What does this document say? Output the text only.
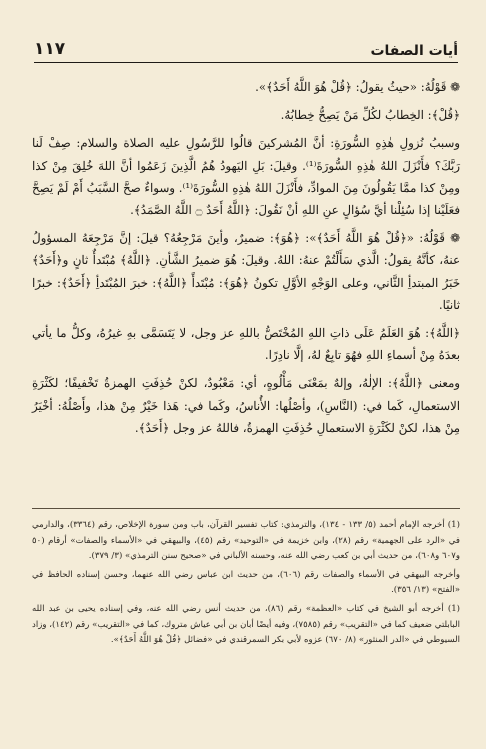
١١٧	أيات الصفات

❁ قَوْلُهُ: «حيثُ يقولُ: ﴿قُلْ هُوَ اللَّهُ أَحَدٌ﴾».

﴿قُلْ﴾: الخِطابُ لكُلِّ مَنْ يَصِحُّ خِطابُهُ.

وسببُ نُزولِ هٰذِهِ السُّورَةِ: أنَّ المُشركينَ قالُوا للرَّسُولِ عليه الصلاة والسلام: صِفْ لَنا رَبَّكَ؟ فأَنْزَلَ اللهُ هٰذِهِ السُّورَةَ⁽¹⁾. وقيلَ: بَلِ اليَهودُ هُمُ الَّذِينَ زَعَمُوا أنَّ اللهَ خُلِقَ مِنْ كذا ومِنْ كذا ممَّا يَقُولُونَ مِنَ الموادِّ، فأَنْزَلَ اللهُ هٰذِهِ السُّورَةَ⁽¹⁾. وسواءٌ صحَّ السَّبَبُ أَمْ لَمْ يَصِحَّ فعَلَيْنا إذا سُئِلْنا أيَّ سُؤالٍ عنِ اللهِ أنْ نَقُولَ: ﴿اللَّهُ أَحَدٌ ۝ اللَّهُ الصَّمَدُ﴾.

❁ قَوْلُهُ: «﴿قُلْ هُوَ اللَّهُ أَحَدٌ﴾»: ﴿هُوَ﴾: ضميرٌ، وأينَ مَرْجِعُهُ؟ قيلَ: إنَّ مَرْجِعَهُ المسؤولُ عنهُ، كأنَّهُ يقولُ: الَّذي سَأَلْتُمْ عنهُ: اللهُ. وقيلَ: هُوَ ضميرُ الشَّأنِ. ﴿اللَّهُ﴾ مُبْتَدأٌ ثانٍ و﴿أَحَدٌ﴾ خَبَرُ المبتدأِ الثَّاني، وعلى الوَجْهِ الأوَّلِ تكونُ ﴿هُوَ﴾: مُبْتَدأً ﴿اللَّهُ﴾: خبرَ المُبْتَدأِ ﴿أَحَدٌ﴾: خبرًا ثانيًا.

﴿اللَّهُ﴾: هُوَ العَلَمُ عَلَى ذاتِ اللهِ المُخْتَصُّ باللهِ عز وجل، لا يَتَسَمَّى بهِ غيرُهُ، وكلُّ ما يأتي بعدَهُ مِنْ أسماءِ اللهِ فهُوَ تابِعٌ لهُ، إلَّا نادِرًا.

ومعنى ﴿اللَّهُ﴾: الإلٰهُ، وإلهٌ بمَعْنَى مَأْلُوهٍ، أي: مَعْبُودٌ، لكنْ حُذِفَتِ الهمزةُ تَخْفيفًا؛ لكَثْرَةِ الاستعمالِ، كَما في: (النَّاسِ)، وأصْلُها: الأُناسُ، وكَما في: هَذا خَيْرٌ مِنْ هذا، وأَصْلُهُ: أخْيَرُ مِنْ هذا، لكنْ لكَثْرَةِ الاستعمالِ حُذِفَتِ الهمزةُ، فاللهُ عز وجل ﴿أَحَدٌ﴾.

(1) أخرجه الإمام أحمد (٥/ ١٣٣ - ١٣٤)، والترمذي: كتاب تفسير القرآن، باب ومن سورة الإخلاص، رقم (٣٣٦٤)، والدارمي في «الرد على الجهمية» رقم (٢٨)، وابن خزيمة في «التوحيد» رقم (٤٥)، والبيهقي في «الأسماء والصفات» أرقام (٥٠ و٦٠٧ و٦٠٨)، من حديث أبي بن كعب رضي الله عنه، وحسنه الألباني في «صحيح سنن الترمذي» (٣/ ٣٧٩).

وأخرجه البيهقي في الأسماء والصفات رقم (٦٠٦)، من حديث ابن عباس رضي الله عنهما، وحسن إسناده الحافظ في «الفتح» (١٣/ ٣٥٦).

(1) أخرجه أبو الشيخ في كتاب «العظمة» رقم (٨٦)، من حديث أنس رضي الله عنه، وفي إسناده يحيى بن عبد الله البابلتي ضعيف كما في «التقريب» رقم (٧٥٨٥)، وفيه أيضًا أبان بن أبي عياش متروك، كما في «التقريب» رقم (١٤٢)، وزاد السيوطي في «الدر المنثور» (٨/ ٦٧٠) عزوه لأبي بكر السمرقندي في «فضائل ﴿قُلْ هُوَ اللَّهُ أَحَدٌ﴾».
